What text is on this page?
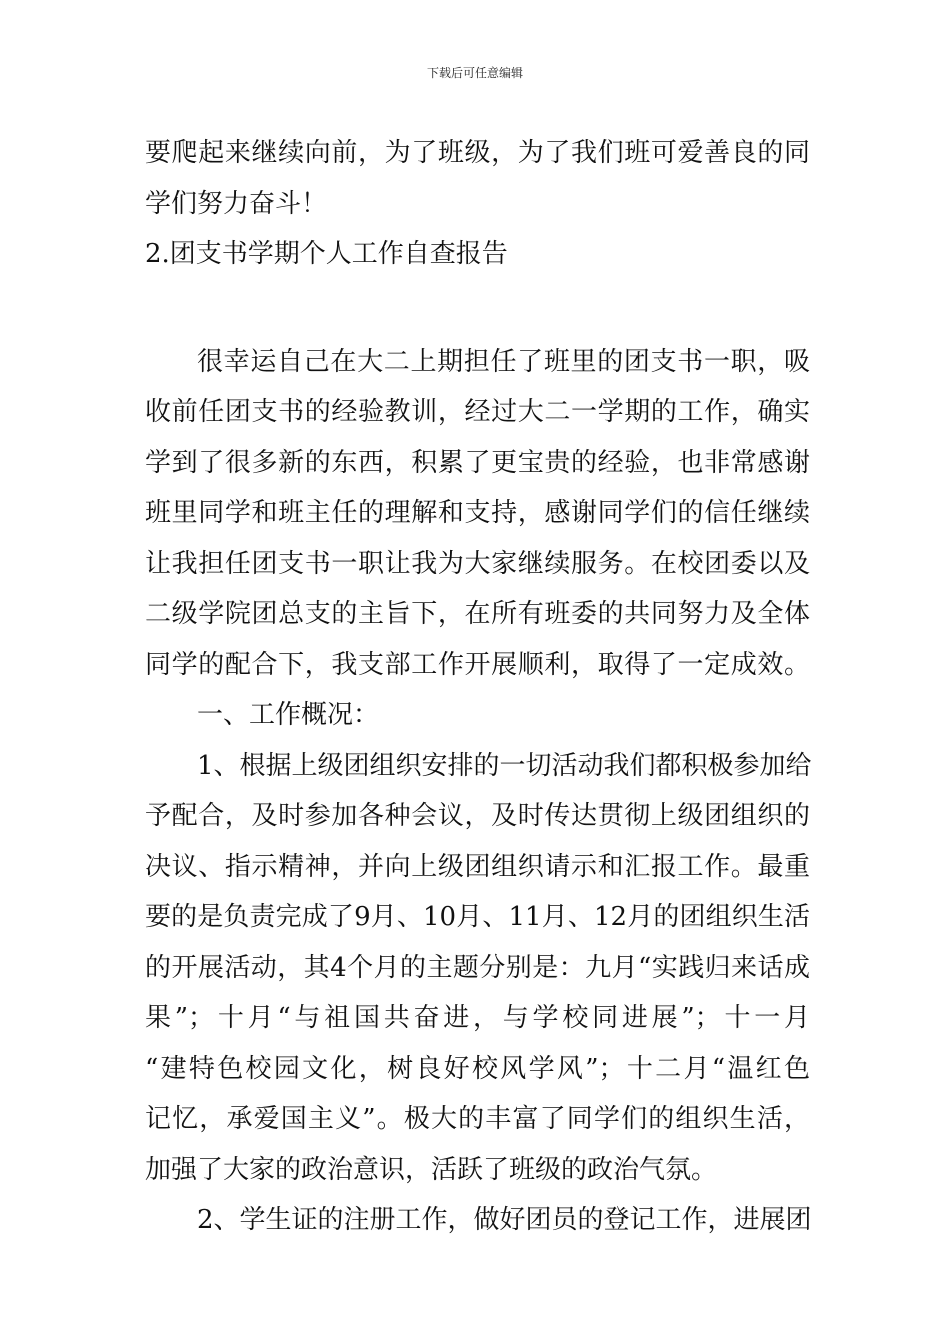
下载后可任意编辑
要爬起来继续向前，为了班级，为了我们班可爱善良的同
学们努力奋斗！
2.团支书学期个人工作自查报告
很幸运自己在大二上期担任了班里的团支书一职，吸
收前任团支书的经验教训，经过大二一学期的工作，确实
学到了很多新的东西，积累了更宝贵的经验，也非常感谢
班里同学和班主任的理解和支持，感谢同学们的信任继续
让我担任团支书一职让我为大家继续服务。在校团委以及
二级学院团总支的主旨下，在所有班委的共同努力及全体
同学的配合下，我支部工作开展顺利，取得了一定成效。
一、工作概况：
1、根据上级团组织安排的一切活动我们都积极参加给
予配合，及时参加各种会议，及时传达贯彻上级团组织的
决议、指示精神，并向上级团组织请示和汇报工作。最重
要的是负责完成了9月、10月、11月、12月的团组织生活
的开展活动，其4个月的主题分别是：九月“实践归来话成
果”；十月“与祖国共奋进，与学校同进展”；十一月
“建特色校园文化，树良好校风学风”；十二月“温红色
记忆，承爱国主义”。极大的丰富了同学们的组织生活，
加强了大家的政治意识，活跃了班级的政治气氛。
2、学生证的注册工作，做好团员的登记工作，进展团
